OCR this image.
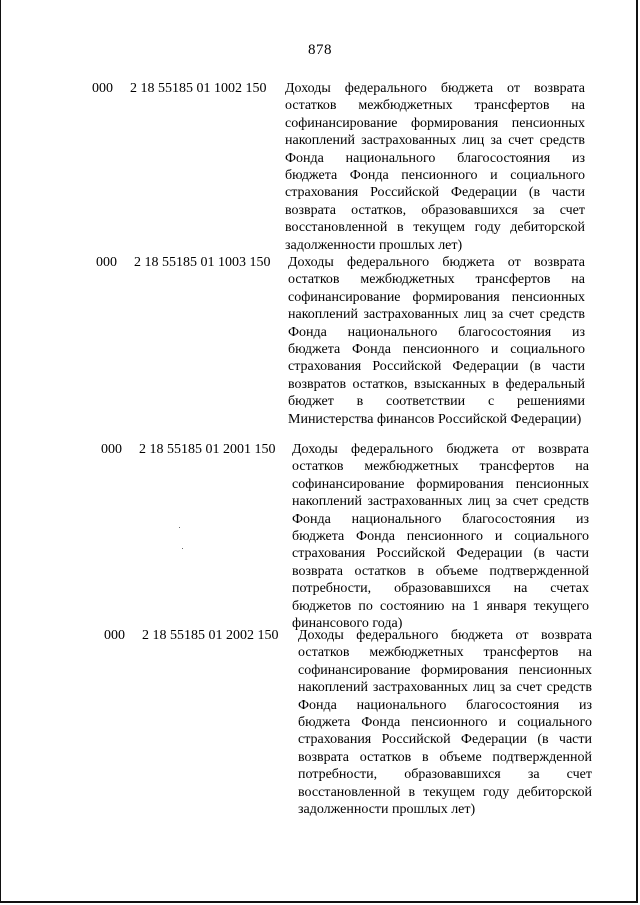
878
000 2 18 55185 01 1002 150 Доходы федерального бюджета от возврата остатков межбюджетных трансфертов на софинансирование формирования пенсионных накоплений застрахованных лиц за счет средств Фонда национального благосостояния из бюджета Фонда пенсионного и социального страхования Российской Федерации (в части возврата остатков, образовавшихся за счет восстановленной в текущем году дебиторской задолженности прошлых лет)
000 2 18 55185 01 1003 150 Доходы федерального бюджета от возврата остатков межбюджетных трансфертов на софинансирование формирования пенсионных накоплений застрахованных лиц за счет средств Фонда национального благосостояния из бюджета Фонда пенсионного и социального страхования Российской Федерации (в части возвратов остатков, взысканных в федеральный бюджет в соответствии с решениями Министерства финансов Российской Федерации)
000 2 18 55185 01 2001 150 Доходы федерального бюджета от возврата остатков межбюджетных трансфертов на софинансирование формирования пенсионных накоплений застрахованных лиц за счет средств Фонда национального благосостояния из бюджета Фонда пенсионного и социального страхования Российской Федерации (в части возврата остатков в объеме подтвержденной потребности, образовавшихся на счетах бюджетов по состоянию на 1 января текущего финансового года)
000 2 18 55185 01 2002 150 Доходы федерального бюджета от возврата остатков межбюджетных трансфертов на софинансирование формирования пенсионных накоплений застрахованных лиц за счет средств Фонда национального благосостояния из бюджета Фонда пенсионного и социального страхования Российской Федерации (в части возврата остатков в объеме подтвержденной потребности, образовавшихся за счет восстановленной в текущем году дебиторской задолженности прошлых лет)
